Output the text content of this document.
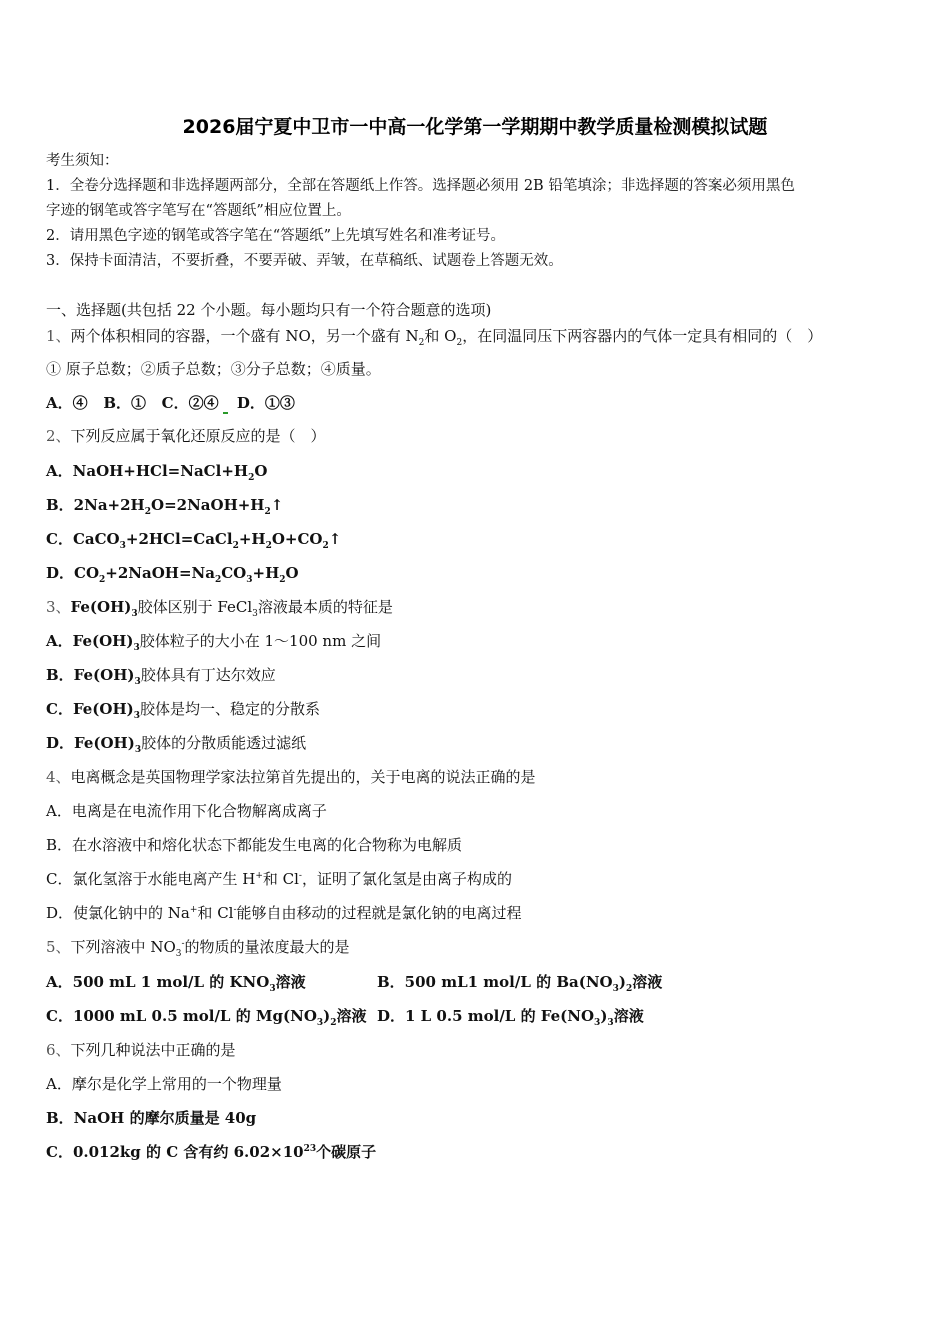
2026届宁夏中卫市一中高一化学第一学期期中教学质量检测模拟试题
考生须知：
1．全卷分选择题和非选择题两部分，全部在答题纸上作答。选择题必须用 2B 铅笔填涂；非选择题的答案必须用黑色
字迹的钢笔或答字笔写在“答题纸”相应位置上。
2．请用黑色字迹的钢笔或答字笔在“答题纸”上先填写姓名和准考证号。
3．保持卡面清洁，不要折叠，不要弄破、弄皱，在草稿纸、试题卷上答题无效。
一、选择题(共包括 22 个小题。每小题均只有一个符合题意的选项)
1、两个体积相同的容器，一个盛有 NO，另一个盛有 $N_2$和 $O_2$，在同温同压下两容器内的气体一定具有相同的（　）
① 原子总数；②质子总数；③分子总数；④质量。
A．④ B．① C．②④ D．①③
2、下列反应属于氧化还原反应的是（　）
A．$NaOH+HCl=NaCl+H_2O$
B．$2Na+2H_2O=2NaOH+H_2↑$
C．$CaCO_3+2HCl=CaCl_2+H_2O+CO_2↑$
D．$CO_2+2NaOH=Na_2CO_3+H_2O$
3、$Fe(OH)_3$胶体区别于 FeCl$_3$溶液最本质的特征是
A．$Fe(OH)_3$胶体粒子的大小在 1～100 nm 之间
B．$Fe(OH)_3$胶体具有丁达尔效应
C．$Fe(OH)_3$胶体是均一、稳定的分散系
D．$Fe(OH)_3$胶体的分散质能透过滤纸
4、电离概念是英国物理学家法拉第首先提出的，关于电离的说法正确的是
A．电离是在电流作用下化合物解离成离子
B．在水溶液中和熔化状态下都能发生电离的化合物称为电解质
C．氯化氢溶于水能电离产生 H+和 Cl-，证明了氯化氢是由离子构成的
D．使氯化钠中的 Na+和 Cl-能够自由移动的过程就是氯化钠的电离过程
5、下列溶液中 $NO_3^-$的物质的量浓度最大的是
A．500 mL 1 mol/L 的 $KNO_3$溶液	B．500 mL1 mol/L 的 $Ba(NO_3)_2$溶液
C．1000 mL 0.5 mol/L 的 $Mg(NO_3)_2$溶液 D．1 L 0.5 mol/L 的 $Fe(NO_3)_3$溶液
6、下列几种说法中正确的是
A．摩尔是化学上常用的一个物理量
B．NaOH 的摩尔质量是 40g
C．0.012kg 的 C 含有约 $6.02\times 10^{23}$个碳原子
